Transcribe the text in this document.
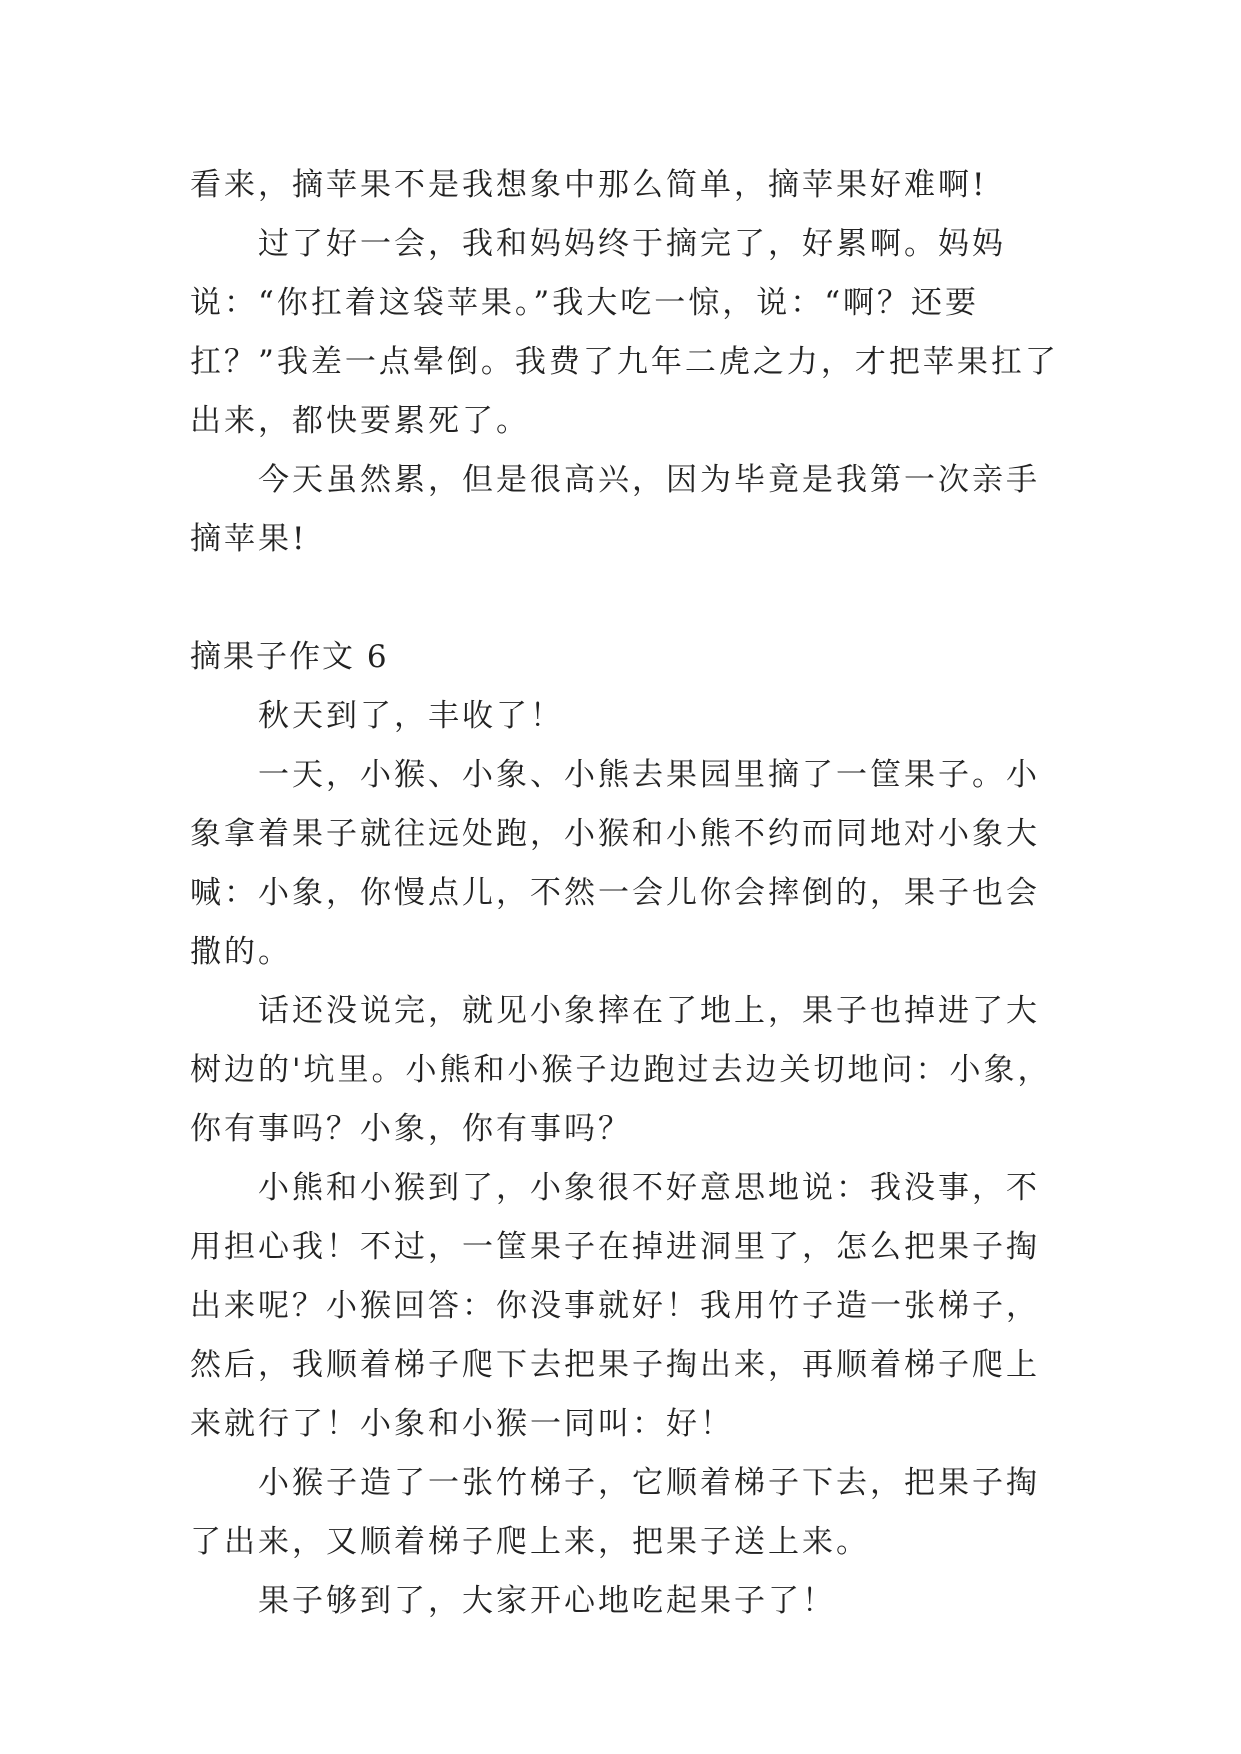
看来，摘苹果不是我想象中那么简单，摘苹果好难啊!

过了好一会，我和妈妈终于摘完了，好累啊。妈妈说：“你扛着这袋苹果。”我大吃一惊，说：“啊？还要扛？”我差一点晕倒。我费了九年二虎之力，才把苹果扛了出来，都快要累死了。

今天虽然累，但是很高兴，因为毕竟是我第一次亲手摘苹果!

摘果子作文 6

秋天到了，丰收了！

一天，小猴、小象、小熊去果园里摘了一筐果子。小象拿着果子就往远处跑，小猴和小熊不约而同地对小象大喊：小象，你慢点儿，不然一会儿你会摔倒的，果子也会撒的。

话还没说完，就见小象摔在了地上，果子也掉进了大树边的'坑里。小熊和小猴子边跑过去边关切地问：小象，你有事吗？小象，你有事吗？

小熊和小猴到了，小象很不好意思地说：我没事，不用担心我！不过，一筐果子在掉进洞里了，怎么把果子掏出来呢？小猴回答：你没事就好！我用竹子造一张梯子，然后，我顺着梯子爬下去把果子掏出来，再顺着梯子爬上来就行了！小象和小猴一同叫：好！

小猴子造了一张竹梯子，它顺着梯子下去，把果子掏了出来，又顺着梯子爬上来，把果子送上来。

果子够到了，大家开心地吃起果子了！
